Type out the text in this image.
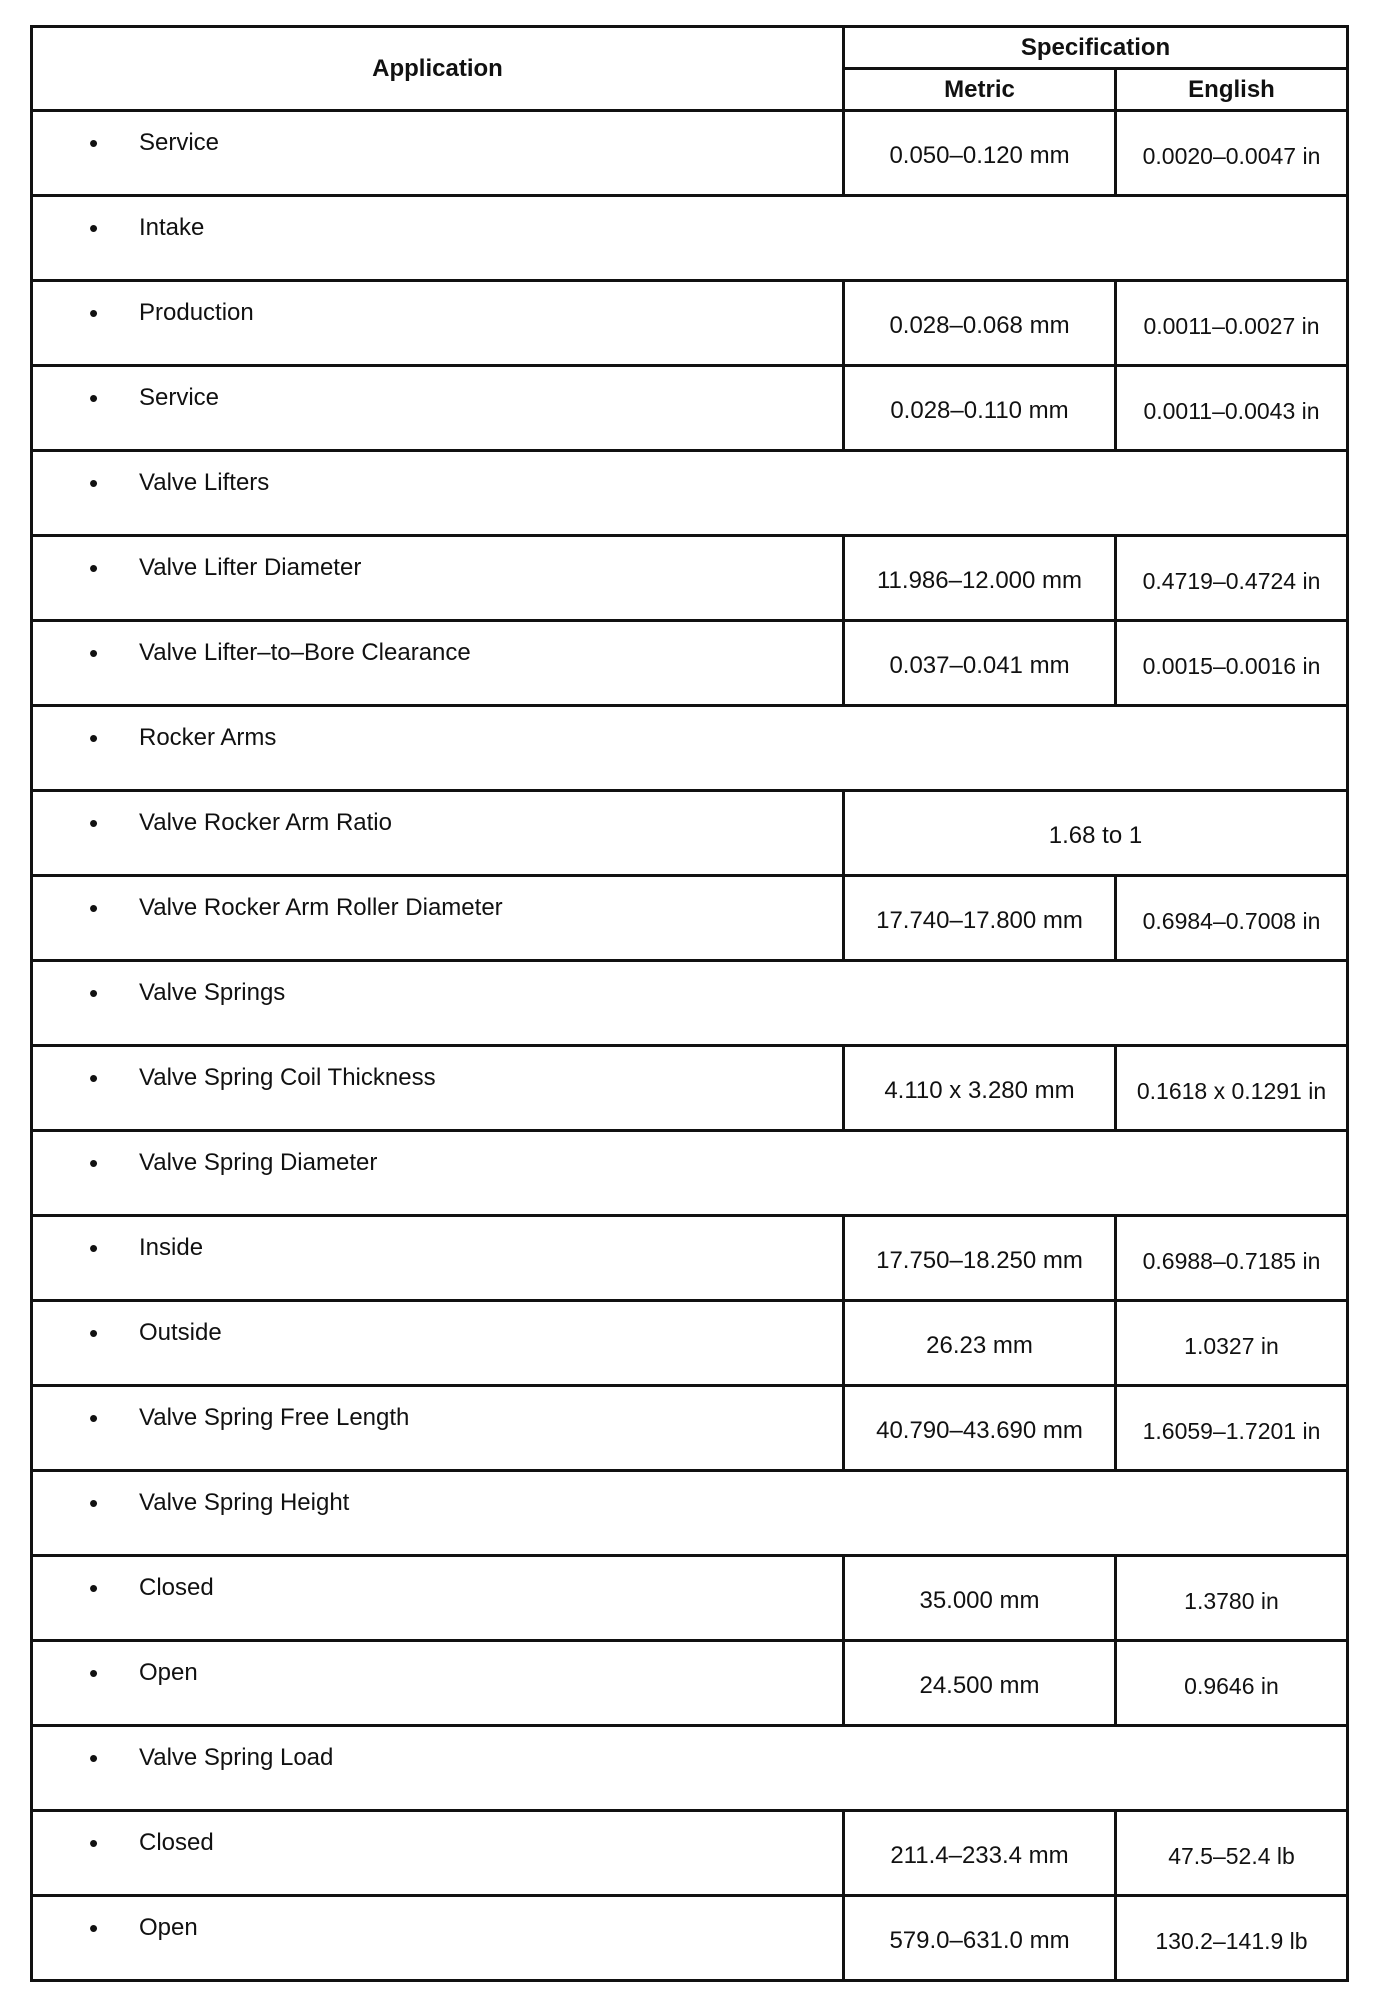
Application	Specification	
	Metric	English

• Service	0.050–0.120 mm	0.0020–0.0047 in

• Intake		

• Production	0.028–0.068 mm	0.0011–0.0027 in

• Service	0.028–0.110 mm	0.0011–0.0043 in

• Valve Lifters		

• Valve Lifter Diameter	11.986–12.000 mm	0.4719–0.4724 in

• Valve Lifter–to–Bore Clearance	0.037–0.041 mm	0.0015–0.0016 in

• Rocker Arms		

• Valve Rocker Arm Ratio	1.68 to 1	

• Valve Rocker Arm Roller Diameter	17.740–17.800 mm	0.6984–0.7008 in

• Valve Springs		

• Valve Spring Coil Thickness	4.110 x 3.280 mm	0.1618 x 0.1291 in

• Valve Spring Diameter		

• Inside	17.750–18.250 mm	0.6988–0.7185 in

• Outside	26.23 mm	1.0327 in

• Valve Spring Free Length	40.790–43.690 mm	1.6059–1.7201 in

• Valve Spring Height		

• Closed	35.000 mm	1.3780 in

• Open	24.500 mm	0.9646 in

• Valve Spring Load		

• Closed	211.4–233.4 mm	47.5–52.4 lb

• Open	579.0–631.0 mm	130.2–141.9 lb
